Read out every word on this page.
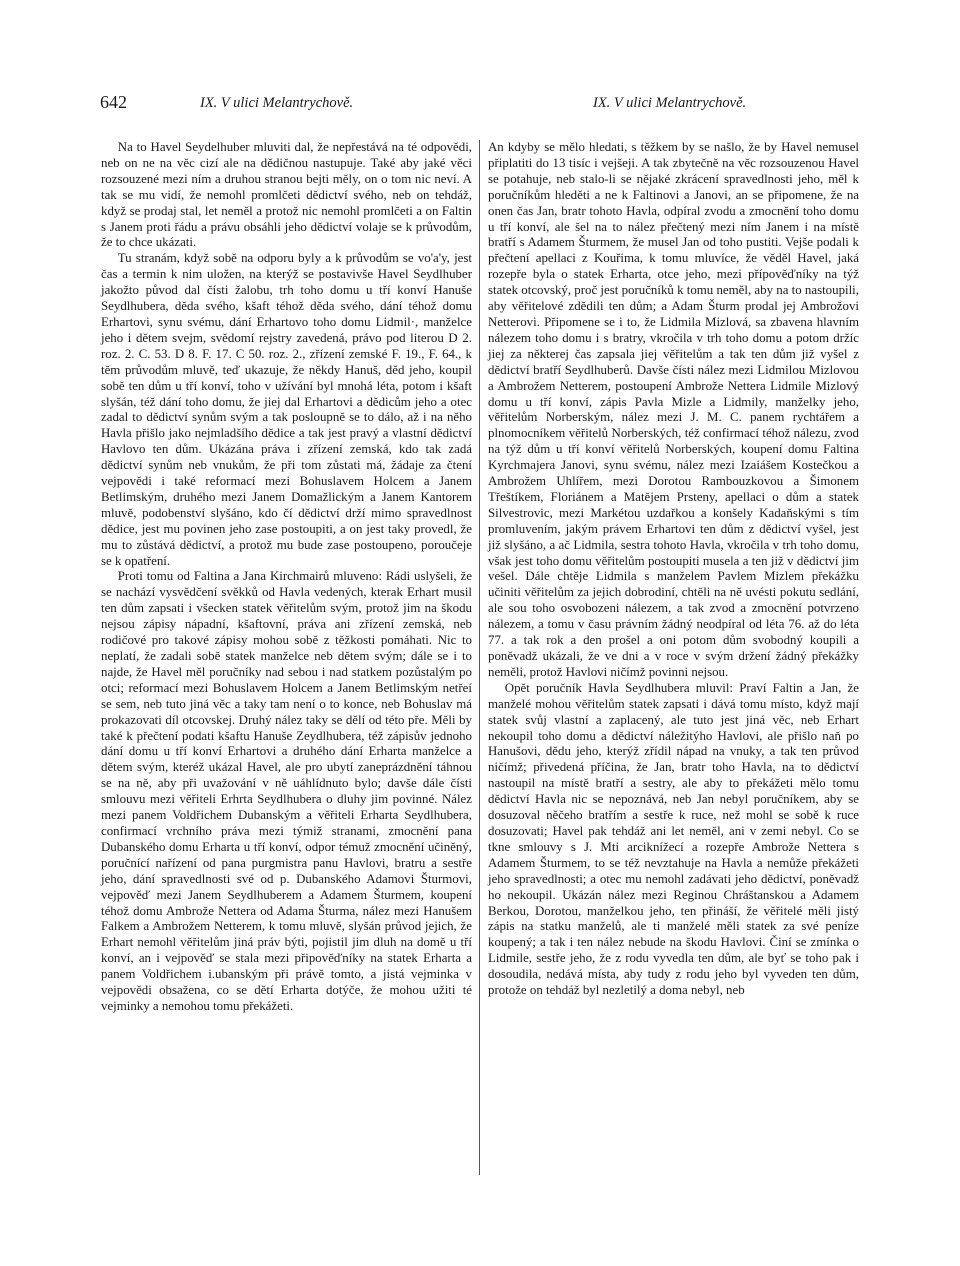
642	IX. V ulici Melantrychově.	IX. V ulici Melantrychově.

Na to Havel Seydelhuber mluviti dal, že nepřestává na té odpovědi, neb on ne na věc cizí ale na dědičnou nastupuje. Také aby jaké věci rozsouzené mezi ním a druhou stranou bejti měly, on o tom nic neví. A tak se mu vidí, že nemohl promlčeti dědictví svého, neb on tehdáž, když se prodaj stal, let neměl a protož nic nemohl promlčeti a on Faltin s Janem proti řádu a právu obsáhli jeho dědictví volaje se k průvodům, že to chce ukázati.

Tu stranám, když sobě na odporu byly a k průvodům se vo'a'y, jest čas a termin k nim uložen, na kterýž se postavivše Havel Seydlhuber jakožto původ dal čísti žalobu, trh toho domu u tří konví Hanuše Seydlhubera, děda svého, kšaft téhož děda svého, dání téhož domu Erhartovi, synu svému, dání Erhartovo toho domu Lidmil·, manželce jeho i dětem svejm, svědomí rejstry zavedená, právo pod literou D 2. roz. 2. C. 53. D 8. F. 17. C 50. roz. 2., zřízení zemské F. 19., F. 64., k těm průvodům mluvě, teď ukazuje, že někdy Hanuš, děd jeho, koupil sobě ten dům u tří konví, toho v užívání byl mnohá léta, potom i kšaft slyšán, též dání toho domu, že jiej dal Erhartovi a dědicům jeho a otec zadal to dědictví synům svým a tak posloupně se to dálo, až i na něho Havla přišlo jako nejmladšího dědice a tak jest pravý a vlastní dědictví Havlovo ten dům. Ukázána práva i zřízení zemská, kdo tak zadá dědictví synům neb vnukům, že při tom zůstati má, žádaje za čtení vejpovědi i také reformací mezi Bohuslavem Holcem a Janem Betlimským, druhého mezi Janem Domažlickým a Janem Kantorem mluvě, podobenství slyšáno, kdo čí dědictví drží mimo spravedlnost dědice, jest mu povinen jeho zase postoupiti, a on jest taky provedl, že mu to zůstává dědictví, a protož mu bude zase postoupeno, poroučeje se k opatření.

Proti tomu od Faltina a Jana Kirchmairů mluveno: Rádi uslyšeli, že se nachází vysvědčení svěkků od Havla vedených, kterak Erhart musil ten dům zapsati i všecken statek věřitelům svým, protož jim na škodu nejsou zápisy nápadní, kšaftovní, práva ani zřízení zemská, neb rodičové pro takové zápisy mohou sobě z těžkosti pomáhati. Nic to neplatí, že zadali sobě statek manželce neb dětem svým; dále se i to najde, že Havel měl poručníky nad sebou i nad statkem pozůstalým po otci; reformací mezi Bohuslavem Holcem a Janem Betlimským netřeí se sem, neb tuto jiná věc a taky tam není o to konce, neb Bohuslav má prokazovati díl otcovskej. Druhý nález taky se dělí od této pře. Měli by také k přečtení podati kšaftu Hanuše Zeydlhubera, též zápisův jednoho dání domu u tří konví Erhartovi a druhého dání Erharta manželce a dětem svým, kteréž ukázal Havel, ale pro ubytí zaneprázdnění táhnou se na ně, aby při uvažování v ně uáhlídnuto bylo; davše dále čísti smlouvu mezi věřiteli Erhrta Seydlhubera o dluhy jim povinné. Nález mezi panem Voldřichem Dubanským a věřiteli Erharta Seydlhubera, confirmací vrchního práva mezi týmiž stranami, zmocnění pana Dubanského domu Erharta u tří konví, odpor témuž zmocnění učiněný, poručnící nařízení od pana purgmistra panu Havlovi, bratru a sestře jeho, dání spravedlnosti své od p. Dubanského Adamovi Šturmovi, vejpověď mezi Janem Seydlhuberem a Adamem Šturmem, koupení téhož domu Ambrože Nettera od Adama Šturma, nález mezi Hanušem Falkem a Ambrožem Netterem, k tomu mluvě, slyšán průvod jejich, že Erhart nemohl věřitelům jiná práv býti, pojistil jim dluh na domě u tří konví, an i vejpověď se stala mezi připověďníky na statek Erharta a panem Voldřichem i.ubanským při právě tomto, a jistá vejminka v vejpovědi obsažena, co se dětí Erharta dotýče, že mohou užiti té vejminky a nemohou tomu překážeti.

An kdyby se mělo hledati, s těžkem by se našlo, že by Havel nemusel připlatiti do 13 tisíc i vejšeji. A tak zbytečně na věc rozsouzenou Havel se potahuje, neb stalo-li se nějaké zkrácení spravedlnosti jeho, měl k poručníkům hleděti a ne k Faltinovi a Janovi, an se připomene, že na onen čas Jan, bratr tohoto Havla, odpíral zvodu a zmocnění toho domu u tří konví, ale šel na to nález přečtený mezi ním Janem i na místě bratří s Adamem Šturmem, že musel Jan od toho pustiti. Vejše podali k přečtení apellaci z Kouřima, k tomu mluvíce, že věděl Havel, jaká rozepře byla o statek Erharta, otce jeho, mezi přípověďníky na týž statek otcovský, proč jest poručníků k tomu neměl, aby na to nastoupili, aby věřitelové zdědili ten dům; a Adam Šturm prodal jej Ambrožovi Netterovi. Připomene se i to, že Lidmila Mizlová, sa zbavena hlavním nálezem toho domu i s bratry, vkročila v trh toho domu a potom držíc jiej za některej čas zapsala jiej věřitelům a tak ten dům již vyšel z dědictví bratří Seydlhuberů. Davše čísti nález mezi Lidmilou Mizlovou a Ambrožem Netterem, postoupení Ambrože Nettera Lidmile Mizlový domu u tří konví, zápis Pavla Mizle a Lidmily, manželky jeho, věřitelům Norberským, nález mezi J. M. C. panem rychtářem a plnomocníkem věřitelů Norberských, též confirmací téhož nálezu, zvod na týž dům u tří konví věřitelů Norberských, koupení domu Faltina Kyrchmajera Janovi, synu svému, nález mezi Izaiášem Kostečkou a Ambrožem Uhlířem, mezi Dorotou Rambouzkovou a Šimonem Třeštíkem, Floriánem a Matějem Prsteny, apellaci o dům a statek Silvestrovic, mezi Markétou uzdařkou a konšely Kadaňskými s tím promluvením, jakým právem Erhartovi ten dům z dědictví vyšel, jest již slyšáno, a ač Lidmila, sestra tohoto Havla, vkročila v trh toho domu, však jest toho domu věřitelům postoupiti musela a ten již v dědictví jim vešel. Dále chtěje Lidmila s manželem Pavlem Mizlem překážku učiniti věřitelům za jejich dobrodiní, chtěli na ně uvésti pokutu sedlání, ale sou toho osvobozeni nálezem, a tak zvod a zmocnění potvrzeno nálezem, a tomu v času právním žádný neodpíral od léta 76. až do léta 77. a tak rok a den prošel a oni potom dům svobodný koupili a poněvadž ukázali, že ve dni a v roce v svým držení žádný překážky neměli, protož Havlovi ničímž povinni nejsou.

Opět poručník Havla Seydlhubera mluvil: Praví Faltin a Jan, že manželé mohou věřitelům statek zapsati i dává tomu místo, když mají statek svůj vlastní a zaplacený, ale tuto jest jiná věc, neb Erhart nekoupil toho domu a dědictví náležitýho Havlovi, ale přišlo naň po Hanušovi, dědu jeho, kterýž zřídil nápad na vnuky, a tak ten průvod ničímž; přivedená příčina, že Jan, bratr toho Havla, na to dědictví nastoupil na místě bratří a sestry, ale aby to překážeti mělo tomu dědictví Havla nic se nepoznává, neb Jan nebyl poručníkem, aby se dosuzoval něčeho bratřím a sestře k ruce, než mohl se sobě k ruce dosuzovati; Havel pak tehdáž ani let neměl, ani v zemi nebyl. Co se tkne smlouvy s J. Mti arciknížecí a rozepře Ambrože Nettera s Adamem Šturmem, to se též nevztahuje na Havla a nemůže překážeti jeho spravedlnosti; a otec mu nemohl zadávati jeho dědictví, poněvadž ho nekoupil. Ukázán nález mezi Reginou Chráštanskou a Adamem Berkou, Dorotou, manželkou jeho, ten přináší, že věřitelé měli jistý zápis na statku manželů, ale ti manželé měli statek za své peníze koupený; a tak i ten nález nebude na škodu Havlovi. Činí se zmínka o Lidmile, sestře jeho, že z rodu vyvedla ten dům, ale byť se toho pak i dosoudila, nedává místa, aby tudy z rodu jeho byl vyveden ten dům, protože on tehdáž byl nezletilý a doma nebyl, neb
